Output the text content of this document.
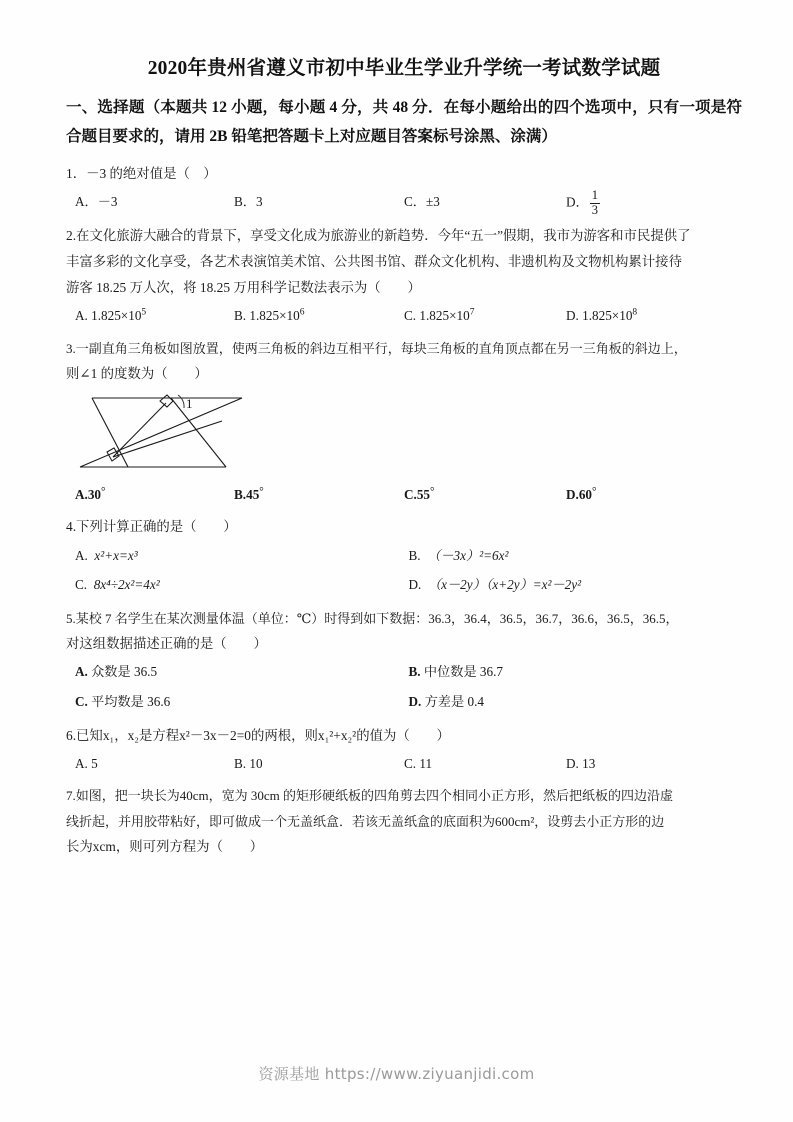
2020年贵州省遵义市初中毕业生学业升学统一考试数学试题
一、选择题（本题共 12 小题，每小题 4 分，共 48 分．在每小题给出的四个选项中，只有一项是符合题目要求的，请用 2B 铅笔把答题卡上对应题目答案标号涂黑、涂满）
1．－3 的绝对值是（　）
A．－3	B．3	C．±3	D． $\frac{1}{3}$
2.在文化旅游大融合的背景下，享受文化成为旅游业的新趋势．今年“五一”假期，我市为游客和市民提供了
丰富多彩的文化享受，各艺术表演馆美术馆、公共图书馆、群众文化机构、非遗机构及文物机构累计接待
游客 18.25 万人次，将 18.25 万用科学记数法表示为（　　）
A. $1.825\times 10^5$	B. $1.825\times 10^6$	C. $1.825\times 10^7$	D. $1.825\times 10^8$
3.一副直角三角板如图放置，使两三角板的斜边互相平行，每块三角板的直角顶点都在另一三角板的斜边上，
则∠1 的度数为（　　）
1
A.30°	B.45°	C.55°	D.60°
4.下列计算正确的是（　　）
A. x²+x=x³	B. （－3x）²=6x²
C. 8x⁴÷2x²=4x²	D. （x－2y）（x+2y）=x²－2y²
5.某校 7 名学生在某次测量体温（单位：℃）时得到如下数据：36.3，36.4，36.5，36.7，36.6，36.5，36.5，
对这组数据描述正确的是（　　）
A. 众数是 36.5	B. 中位数是 36.7
C. 平均数是 36.6	D. 方差是 0.4
6.已知x₁，x₂是方程x²－3x－2=0的两根，则x₁²+x₂²的值为（　　）
A. 5	B. 10	C. 11	D. 13
7.如图，把一块长为40cm，宽为 30cm 的矩形硬纸板的四角剪去四个相同小正方形，然后把纸板的四边沿虚
线折起，并用胶带粘好，即可做成一个无盖纸盒．若该无盖纸盒的底面积为600cm²，设剪去小正方形的边
长为xcm，则可列方程为（　　）
资源基地 https://www.ziyuanjidi.com
